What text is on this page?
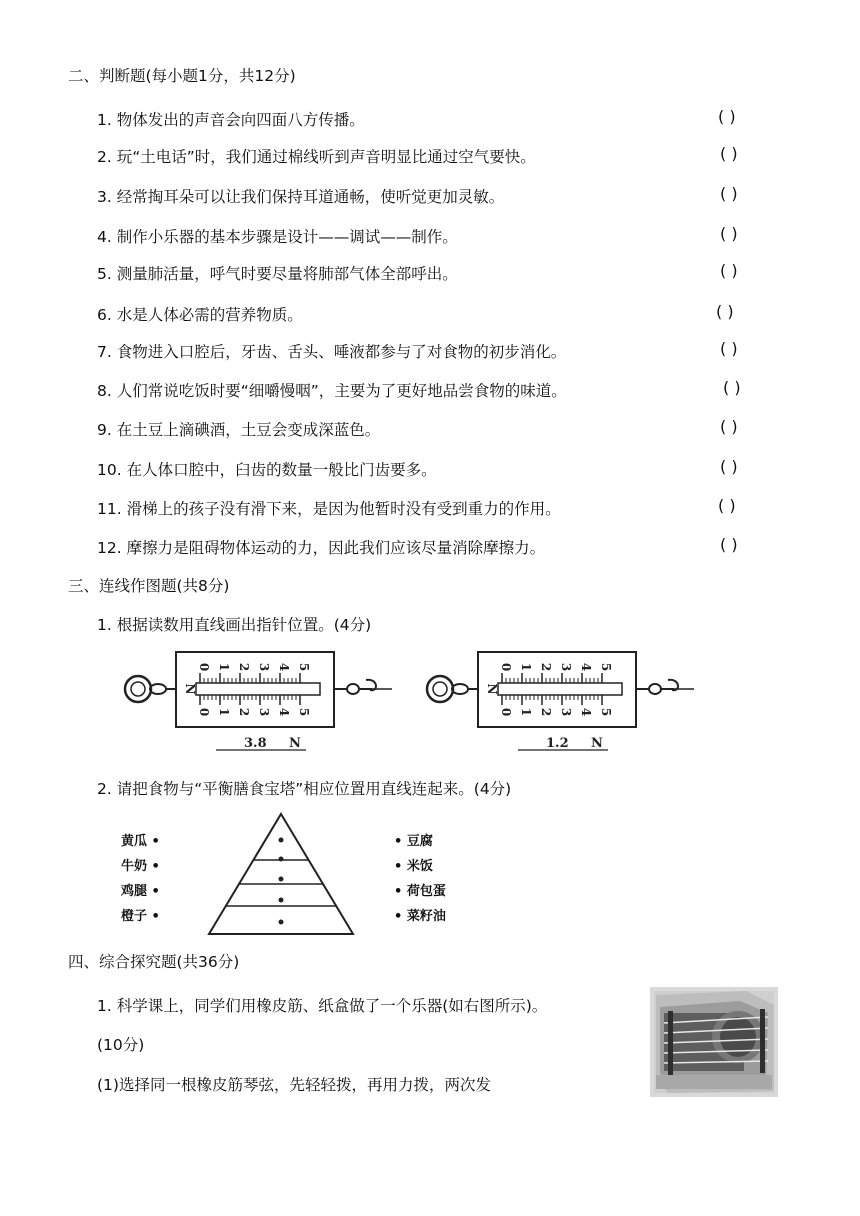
二、判断题(每小题1分，共12分)
1. 物体发出的声音会向四面八方传播。	( )
2. 玩“土电话”时，我们通过棉线听到声音明显比通过空气要快。	( )
3. 经常掏耳朵可以让我们保持耳道通畅，使听觉更加灵敏。	( )
4. 制作小乐器的基本步骤是设计——调试——制作。	( )
5. 测量肺活量，呼气时要尽量将肺部气体全部呼出。	( )
6. 水是人体必需的营养物质。	( )
7. 食物进入口腔后，牙齿、舌头、唾液都参与了对食物的初步消化。	( )
8. 人们常说吃饭时要“细嚼慢咽”，主要为了更好地品尝食物的味道。	( )
9. 在土豆上滴碘酒，土豆会变成深蓝色。	( )
10. 在人体口腔中，臼齿的数量一般比门齿要多。	( )
11. 滑梯上的孩子没有滑下来，是因为他暂时没有受到重力的作用。	( )
12. 摩擦力是阻碍物体运动的力，因此我们应该尽量消除摩擦力。	( )
三、连线作图题(共8分)
1. 根据读数用直线画出指针位置。(4分)
0 1 2 3 4 5
0 1 2 3 4 5
N
3.8 N
0 1 2 3 4 5
0 1 2 3 4 5
N
1.2 N
2. 请把食物与“平衡膳食宝塔”相应位置用直线连起来。(4分)
黄瓜 •
牛奶 •
鸡腿 •
橙子 •
• 豆腐
• 米饭
• 荷包蛋
• 菜籽油
四、综合探究题(共36分)
1. 科学课上，同学们用橡皮筋、纸盒做了一个乐器(如右图所示)。
(10分)
(1)选择同一根橡皮筋琴弦，先轻轻拨，再用力拨，两次发
